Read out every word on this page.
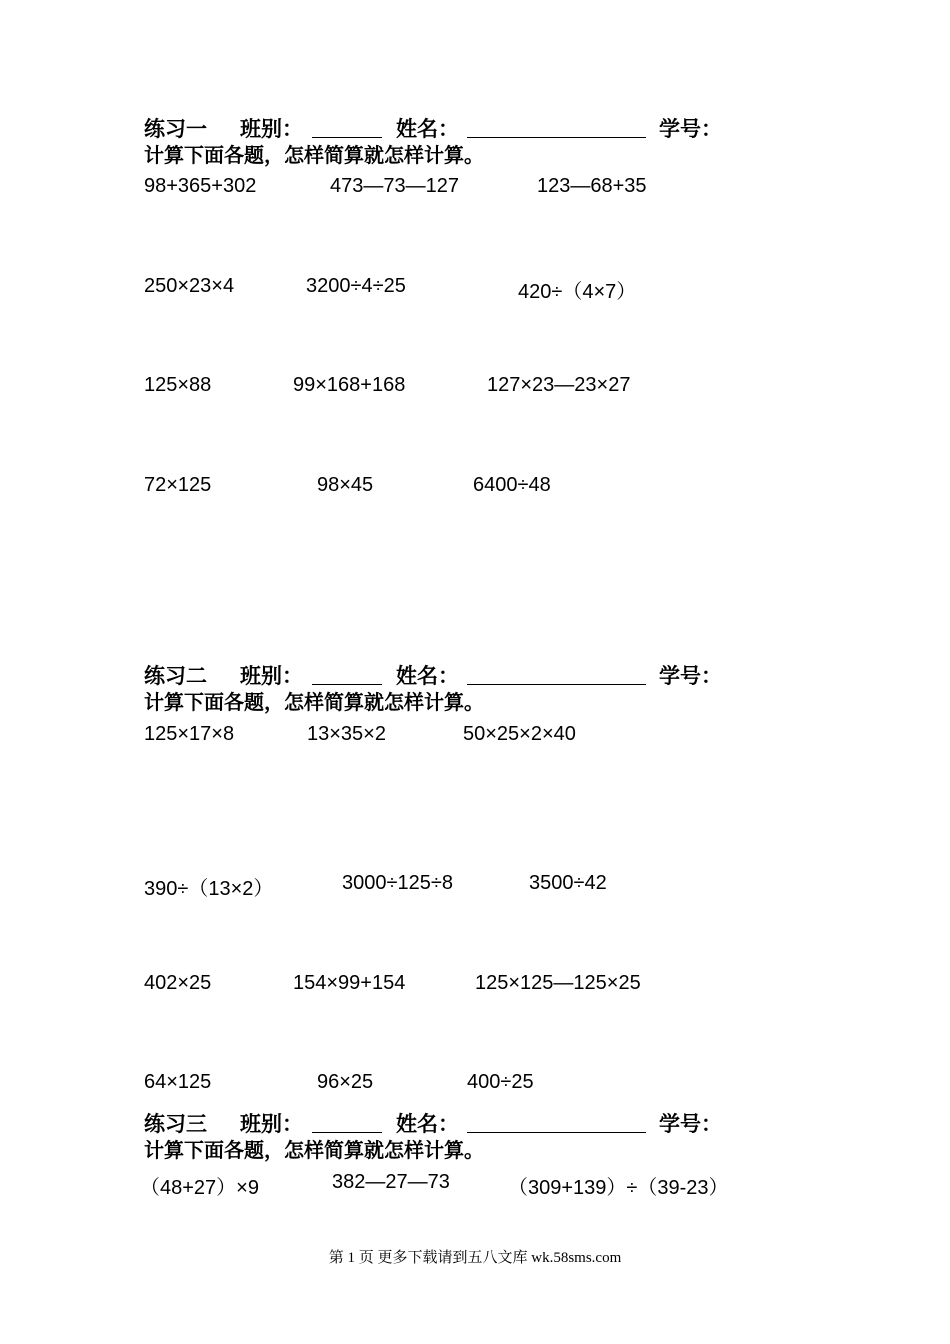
练习一 班别：	姓名：	学号：
计算下面各题，怎样简算就怎样计算。
98+365+302	473—73—127	123—68+35
250×23×4	3200÷4÷25	420÷（4×7）
125×88	99×168+168	127×23—23×27
72×125	98×45	6400÷48
练习二 班别：	姓名：	学号：
计算下面各题，怎样简算就怎样计算。
125×17×8	13×35×2	50×25×2×40
390÷（13×2）	3000÷125÷8	3500÷42
402×25	154×99+154	125×125—125×25
64×125	96×25	400÷25
练习三 班别：	姓名：	学号：
计算下面各题，怎样简算就怎样计算。
（48+27）×9	382—27—73	（309+139）÷（39-23）
第 1 页 更多下载请到五八文库 wk.58sms.com
